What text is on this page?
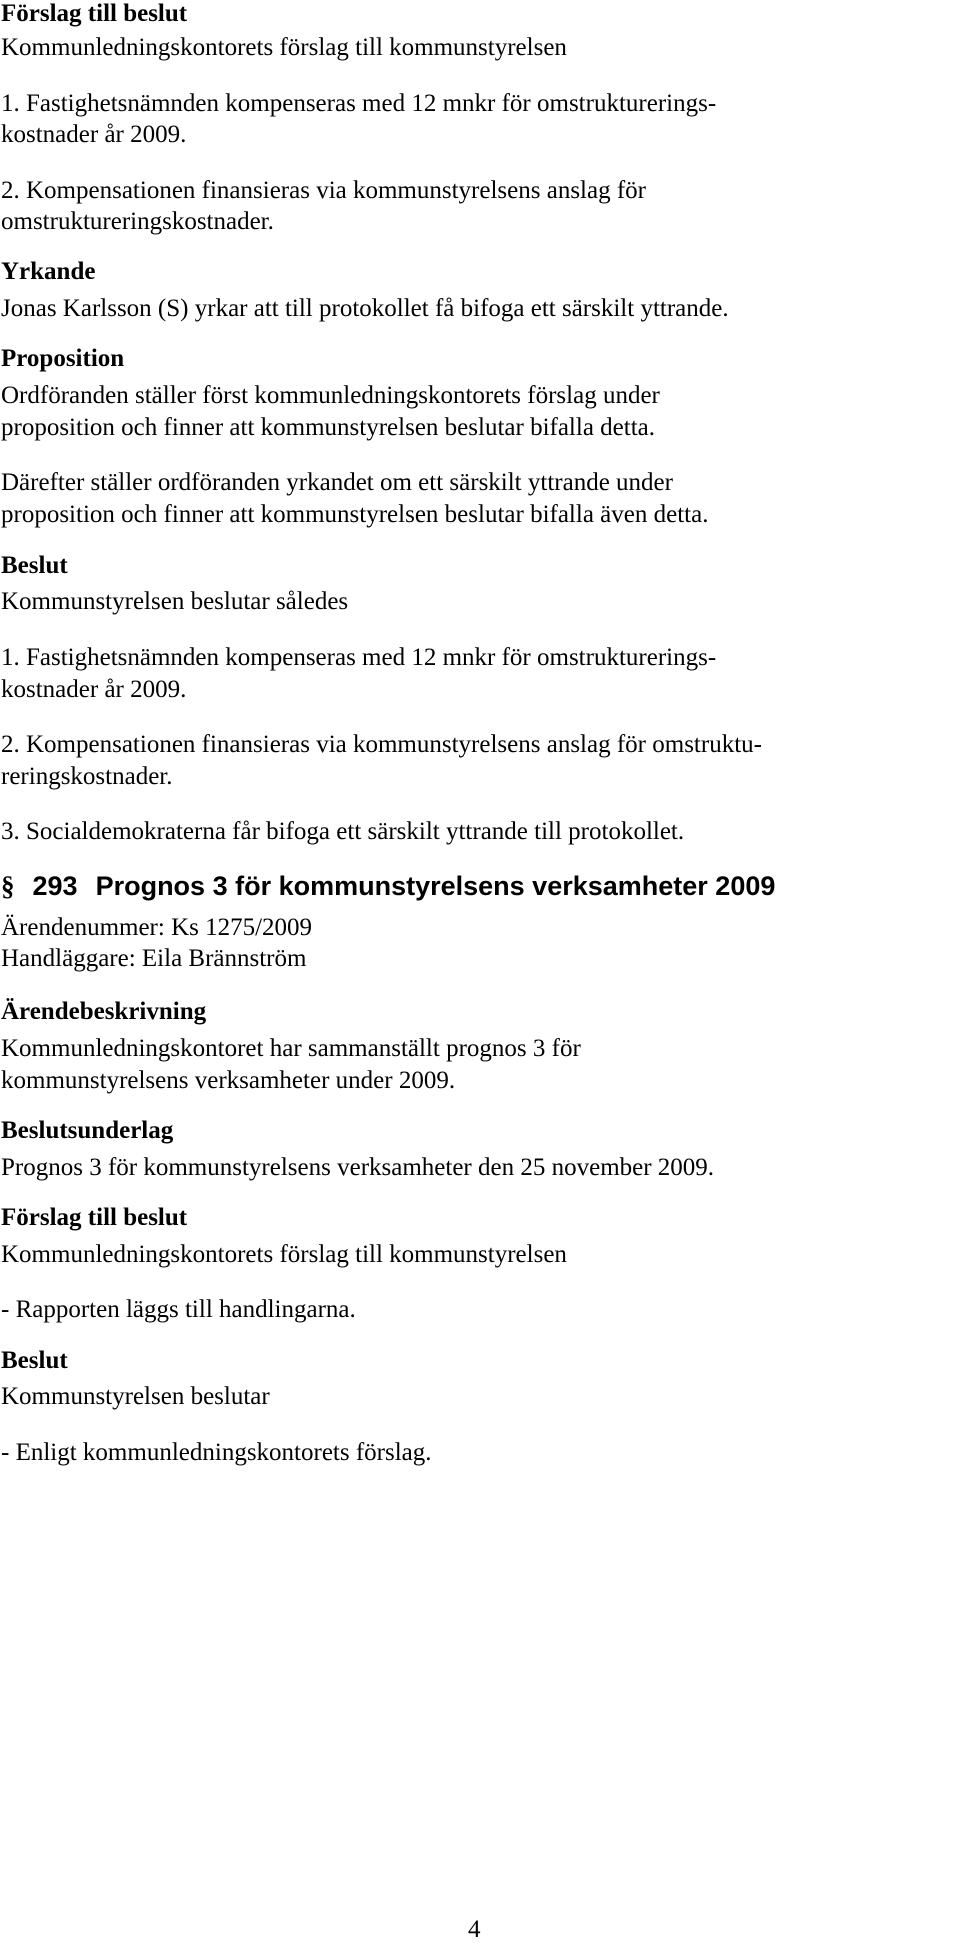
Förslag till beslut
Kommunledningskontorets förslag till kommunstyrelsen
1. Fastighetsnämnden kompenseras med 12 mnkr för omstrukturerings-
kostnader år 2009.
2. Kompensationen finansieras via kommunstyrelsens anslag för
omstruktureringskostnader.
Yrkande
Jonas Karlsson (S) yrkar att till protokollet få bifoga ett särskilt yttrande.
Proposition
Ordföranden ställer först kommunledningskontorets förslag under
proposition och finner att kommunstyrelsen beslutar bifalla detta.
Därefter ställer ordföranden yrkandet om ett särskilt yttrande under
proposition och finner att kommunstyrelsen beslutar bifalla även detta.
Beslut
Kommunstyrelsen beslutar således
1. Fastighetsnämnden kompenseras med 12 mnkr för omstrukturerings-
kostnader år 2009.
2. Kompensationen finansieras via kommunstyrelsens anslag för omstruktu-
reringskostnader.
3. Socialdemokraterna får bifoga ett särskilt yttrande till protokollet.
§ 293 Prognos 3 för kommunstyrelsens verksamheter 2009
Ärendenummer: Ks 1275/2009
Handläggare: Eila Brännström
Ärendebeskrivning
Kommunledningskontoret har sammanställt prognos 3 för
kommunstyrelsens verksamheter under 2009.
Beslutsunderlag
Prognos 3 för kommunstyrelsens verksamheter den 25 november 2009.
Förslag till beslut
Kommunledningskontorets förslag till kommunstyrelsen
- Rapporten läggs till handlingarna.
Beslut
Kommunstyrelsen beslutar
- Enligt kommunledningskontorets förslag.
4
